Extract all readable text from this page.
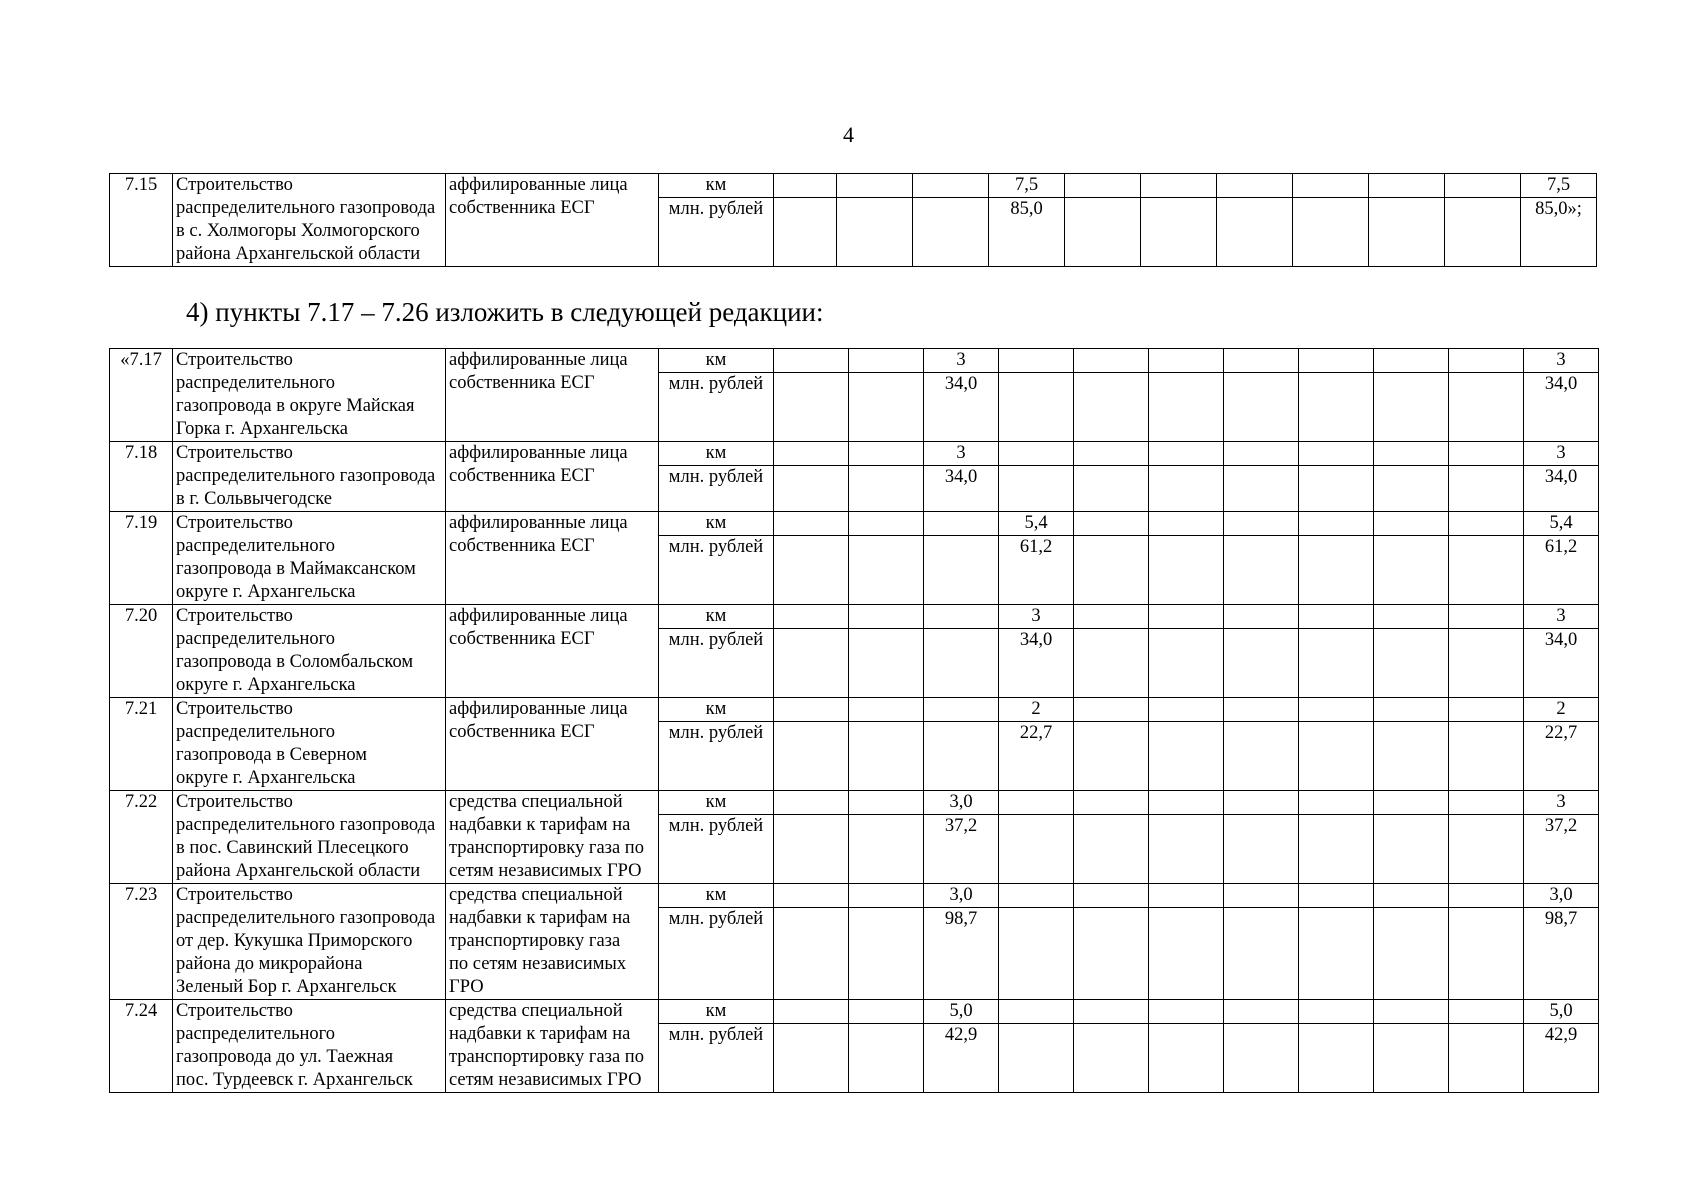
4
7.15	Строительство
распределительного газопровода
в с. Холмогоры Холмогорского
района Архангельской области	аффилированные лица
собственника ЕСГ	км				7,5							7,5
			млн. рублей				85,0							85,0»;
4) пункты 7.17 – 7.26 изложить в следующей редакции:
«7.17	Строительство
распределительного
газопровода в округе Майская
Горка г. Архангельска	аффилированные лица
собственника ЕСГ	км			3								3
			млн. рублей			34,0								34,0
7.18	Строительство
распределительного газопровода
в г. Сольвычегодске	аффилированные лица
собственника ЕСГ	км			3								3
			млн. рублей			34,0								34,0
7.19	Строительство
распределительного
газопровода в Маймаксанском
округе г. Архангельска	аффилированные лица
собственника ЕСГ	км				5,4							5,4
			млн. рублей				61,2							61,2
7.20	Строительство
распределительного
газопровода в Соломбальском
округе г. Архангельска	аффилированные лица
собственника ЕСГ	км				3							3
			млн. рублей				34,0							34,0
7.21	Строительство
распределительного
газопровода в Северном
округе г. Архангельска	аффилированные лица
собственника ЕСГ	км				2							2
			млн. рублей				22,7							22,7
7.22	Строительство
распределительного газопровода
в пос. Савинский Плесецкого
района Архангельской области	средства специальной
надбавки к тарифам на
транспортировку газа по
сетям независимых ГРО	км			3,0								3
			млн. рублей			37,2								37,2
7.23	Строительство
распределительного газопровода
от дер. Кукушка Приморского
района до микрорайона
Зеленый Бор г. Архангельск	средства специальной
надбавки к тарифам на
транспортировку газа
по сетям независимых
ГРО	км			3,0								3,0
			млн. рублей			98,7								98,7
7.24	Строительство
распределительного
газопровода до ул. Таежная
пос. Турдеевск г. Архангельск	средства специальной
надбавки к тарифам на
транспортировку газа по
сетям независимых ГРО	км			5,0								5,0
			млн. рублей			42,9								42,9
